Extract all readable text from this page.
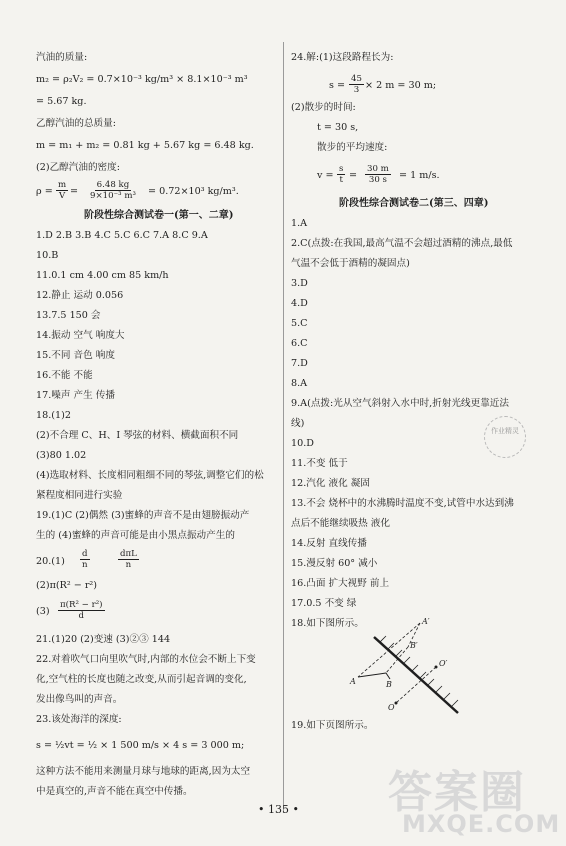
汽油的质量:
m₂ = ρ₂V₂ = 0.7×10⁻³ kg/m³ × 8.1×10⁻³ m³
= 5.67 kg.
乙醇汽油的总质量:
m = m₁ + m₂ = 0.81 kg + 5.67 kg = 6.48 kg.
(2)乙醇汽油的密度:
$\rho = \frac{m}{V} = \frac{6.48 kg}{\text{9×10⁻³ m³}} = 0.72\times 10^3$ kg/m³.
阶段性综合测试卷一(第一、二章)
1.D 2.B 3.B 4.C 5.C 6.C 7.A 8.C 9.A
10.B
11.0.1 cm 4.00 cm 85 km/h
12.静止 运动 0.056
13.7.5 150 会
14.振动 空气 响度大
15.不同 音色 响度
16.不能 不能
17.噪声 产生 传播
18.(1)2
(2)不合理 C、H、I 琴弦的材料、横截面积不同
(3)80 1.02
(4)选取材料、长度相同粗细不同的琴弦,调整它们的松
紧程度相同进行实验
19.(1)C (2)偶然 (3)蜜蜂的声音不是由翅膀振动产
生的 (4)蜜蜂的声音可能是由小黑点振动产生的
$20.(1) \frac{d}{n}$	dπL
n
(2)π(R² − r²)
$(3) \frac{\text{π(R² − r²)}}{d}$
21.(1)20 (2)变速 (3)②③ 144
22.对着吹气口向里吹气时,内部的水位会不断上下变
化,空气柱的长度也随之改变,从而引起音调的变化,
发出像鸟叫的声音。
23.该处海洋的深度:
s = ½vt = ½ × 1 500 m/s × 4 s = 3 000 m;
这种方法不能用来测量月球与地球的距离,因为太空
中是真空的,声音不能在真空中传播。
24.解:(1)这段路程长为:
$s = \frac{45}{3} \times 2$ m = 30 m;
(2)散步的时间:
t = 30 s,
散步的平均速度:
$v = \frac{s}{t} = \frac{30 m}{30 s} = 1$ m/s.
阶段性综合测试卷二(第三、四章)
1.A
2.C(点拨:在我国,最高气温不会超过酒精的沸点,最低
气温不会低于酒精的凝固点)
3.D
4.D
5.C
6.C
7.D
8.A
9.A(点拨:光从空气斜射入水中时,折射光线更靠近法
线)
10.D
11.不变 低于
12.汽化 液化 凝固
13.不会 烧杯中的水沸腾时温度不变,试管中水达到沸
点后不能继续吸热 液化
14.反射 直线传播
15.漫反射 60° 减小
16.凸面 扩大视野 前上
17.0.5 不变 绿
18.如下图所示。
19.如下页图所示。
A′
B′
O′
A	B
O
作业精灵
• 135 • 答案圈
MXQE.COM
